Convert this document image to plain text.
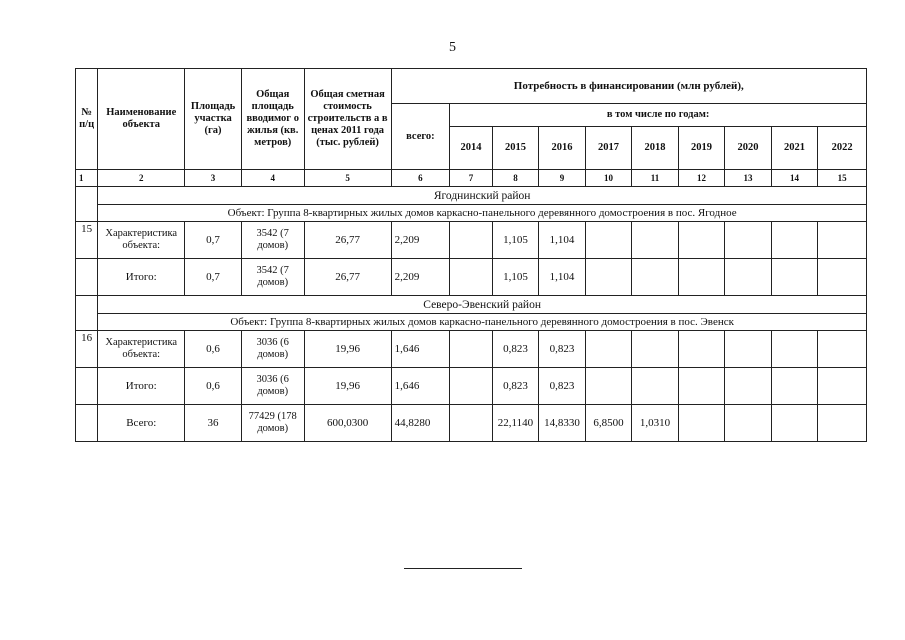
5
№ п/ц	Наименование объекта	Площадь участка (га)	Общая площадь вводимог о жилья (кв. метров)	Общая сметная стоимость строительств а в ценах 2011 года (тыс. рублей)	Потребность в финансировании (млн рублей),									
					всего:	в том числе по годам:								
						2014	2015	2016	2017	2018	2019	2020	2021	2022
1	2	3	4	5	6	7	8	9	10	11	12	13	14	15
	Ягоднинский район													
	Объект: Группа 8-квартирных жилых домов каркасно-панельного деревянного домостроения в пос. Ягодное													
15	Характеристика объекта:	0,7	3542 (7 домов)	26,77	2,209		1,105	1,104						
	Итого:	0,7	3542 (7 домов)	26,77	2,209		1,105	1,104						
	Северо-Эвенский район													
	Объект: Группа 8-квартирных жилых домов каркасно-панельного деревянного домостроения в пос. Эвенск													
16	Характеристика объекта:	0,6	3036 (6 домов)	19,96	1,646		0,823	0,823						
	Итого:	0,6	3036 (6 домов)	19,96	1,646		0,823	0,823						
	Всего:	36	77429 (178 домов)	600,0300	44,8280		22,1140	14,8330	6,8500	1,0310				
